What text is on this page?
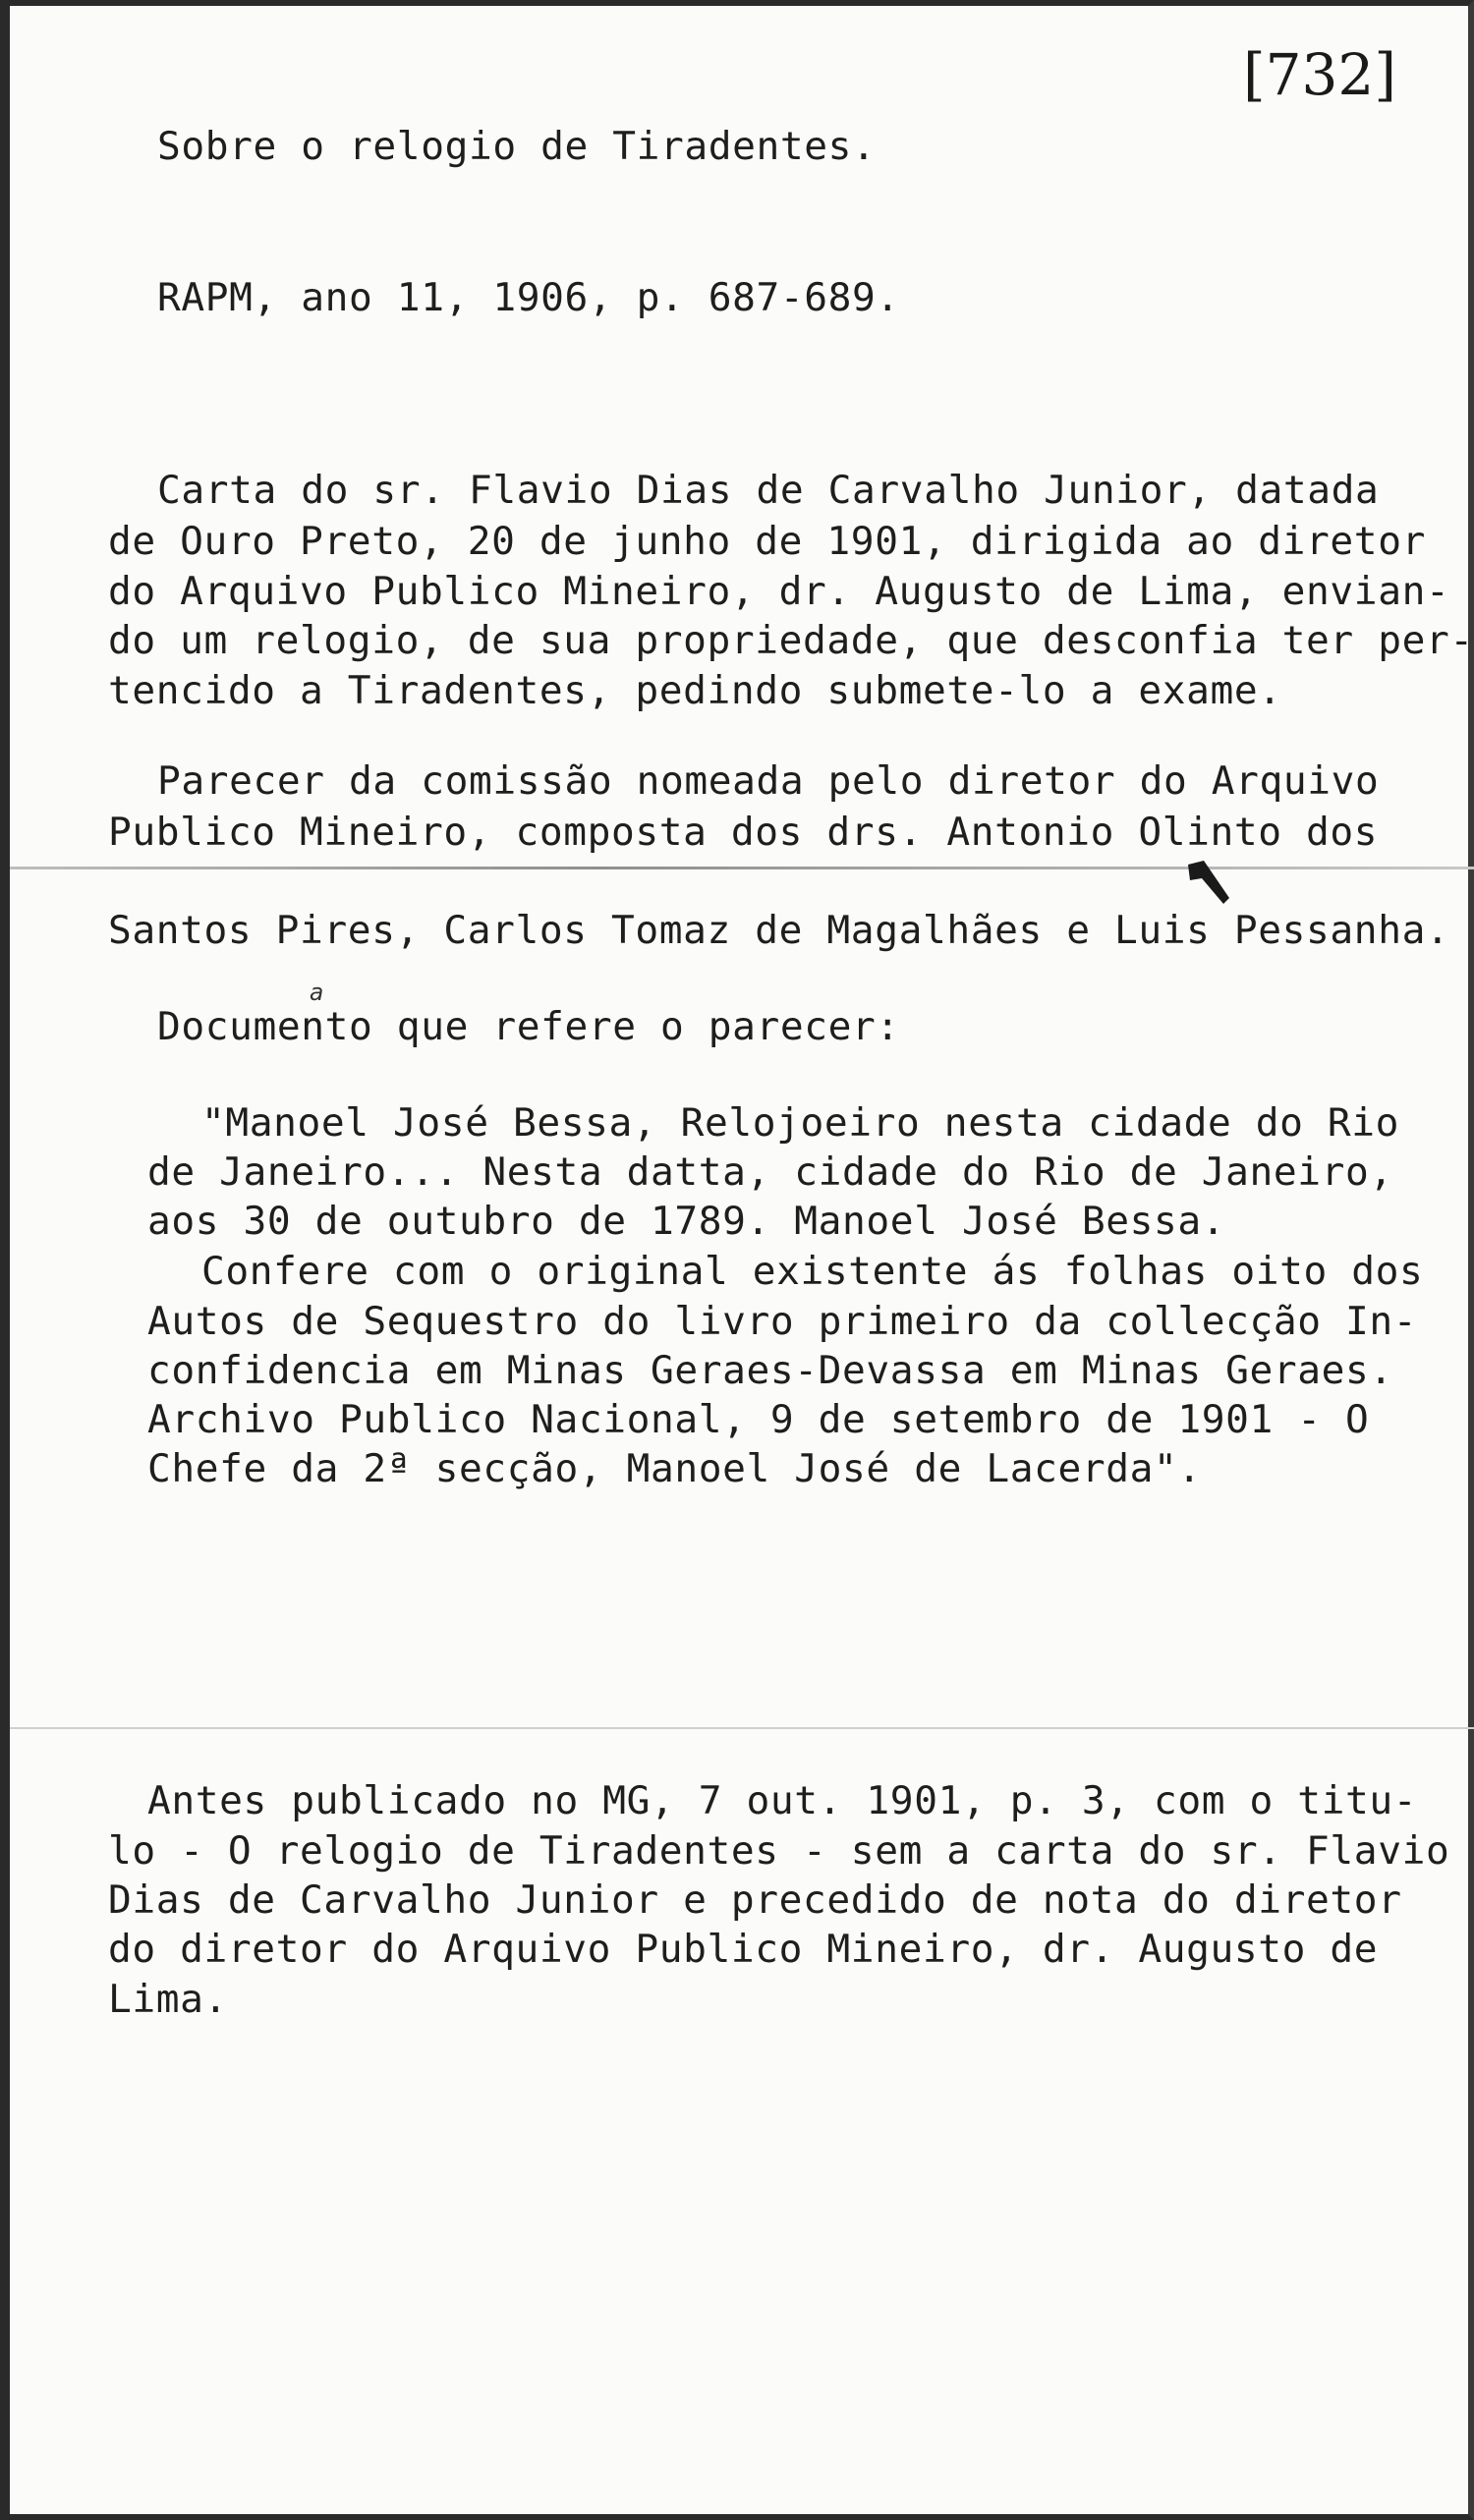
Sobre o relogio de Tiradentes.
[732]
RAPM, ano 11, 1906, p. 687-689.
Carta do sr. Flavio Dias de Carvalho Junior, datada
de Ouro Preto, 20 de junho de 1901, dirigida ao diretor
do Arquivo Publico Mineiro, dr. Augusto de Lima, envian-
do um relogio, de sua propriedade, que desconfia ter per-
tencido a Tiradentes, pedindo submete-lo a exame.
Parecer da comissão nomeada pelo diretor do Arquivo
Publico Mineiro, composta dos drs. Antonio Olinto dos
Santos Pires, Carlos Tomaz de Magalhães e Luis Pessanha.
a
Documento que refere o parecer:
"Manoel José Bessa, Relojoeiro nesta cidade do Rio
de Janeiro... Nesta datta, cidade do Rio de Janeiro,
aos 30 de outubro de 1789. Manoel José Bessa.
Confere com o original existente ás folhas oito dos
Autos de Sequestro do livro primeiro da collecção In-
confidencia em Minas Geraes-Devassa em Minas Geraes.
Archivo Publico Nacional, 9 de setembro de 1901 - O
Chefe da 2ª secção, Manoel José de Lacerda".
Antes publicado no MG, 7 out. 1901, p. 3, com o titu-
lo - O relogio de Tiradentes - sem a carta do sr. Flavio
Dias de Carvalho Junior e precedido de nota do diretor
do diretor do Arquivo Publico Mineiro, dr. Augusto de
Lima.
